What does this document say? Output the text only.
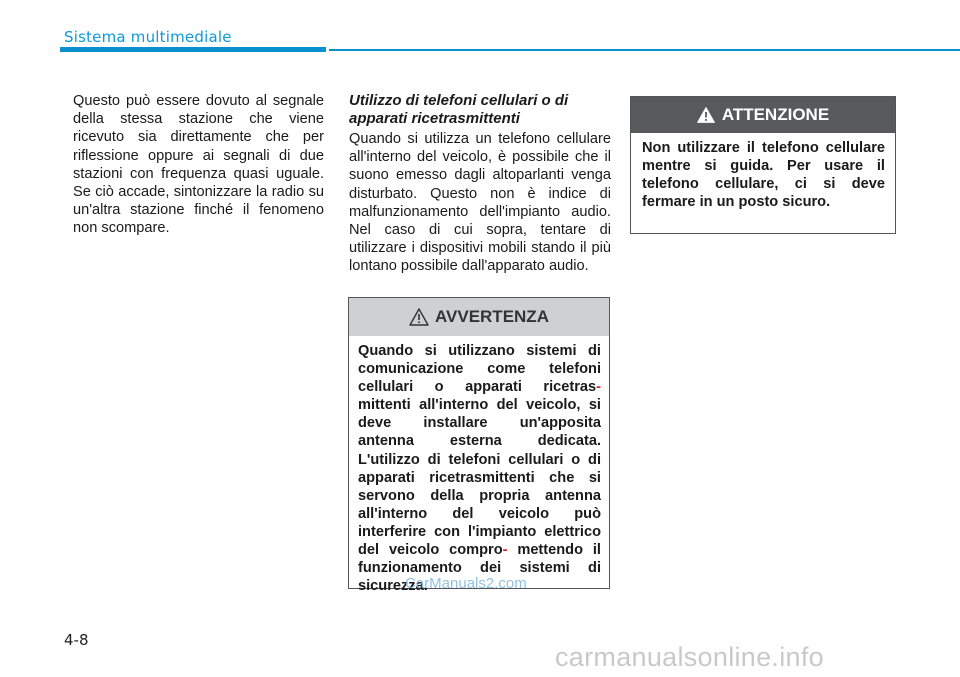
Sistema multimediale
Questo può essere dovuto al segnale della stessa stazione che viene ricevuto sia direttamente che per riflessione oppure ai segnali di due stazioni con frequenza quasi uguale. Se ciò accade, sintonizzare la radio su un'altra stazione finché il fenomeno non scompare.
Utilizzo di telefoni cellulari o di apparati ricetrasmittenti

Quando si utilizza un telefono cellulare all'interno del veicolo, è possibile che il suono emesso dagli altoparlanti venga disturbato. Questo non è indice di malfunzionamento dell'impianto audio. Nel caso di cui sopra, tentare di utilizzare i dispositivi mobili stando il più lontano possibile dall'apparato audio.

AVVERTENZA
Quando si utilizzano sistemi di comunicazione come telefoni cellulari o apparati ricetras- mittenti all'interno del veicolo, si deve installare un'apposita antenna esterna dedicata. L'utilizzo di telefoni cellulari o di apparati ricetrasmittenti che si servono della propria antenna all'interno del veicolo può interferire con l'impianto elettrico del veicolo compro- mettendo il funzionamento dei sistemi di sicurezza.
ATTENZIONE
Non utilizzare il telefono cellulare mentre si guida. Per usare il telefono cellulare, ci si deve fermare in un posto sicuro.
4-8
CarManuals2.com
carmanualsonline.info
